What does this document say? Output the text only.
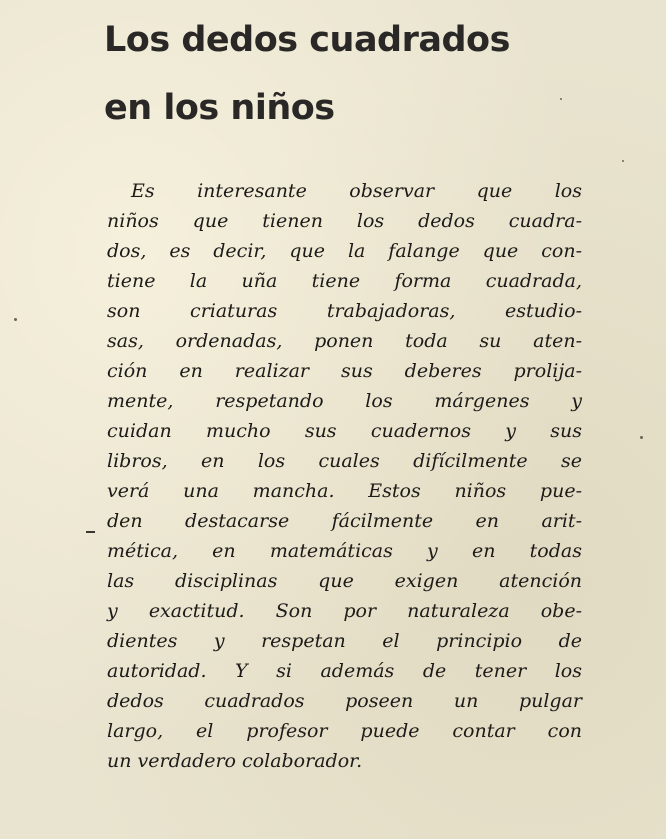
Los dedos cuadrados
en los niños
Es interesante observar que los
niños que tienen los dedos cuadra-
dos, es decir, que la falange que con-
tiene la uña tiene forma cuadrada,
son criaturas trabajadoras, estudio-
sas, ordenadas, ponen toda su aten-
ción en realizar sus deberes prolija-
mente, respetando los márgenes y
cuidan mucho sus cuadernos y sus
libros, en los cuales difícilmente se
verá una mancha. Estos niños pue-
den destacarse fácilmente en arit-
mética, en matemáticas y en todas
las disciplinas que exigen atención
y exactitud. Son por naturaleza obe-
dientes y respetan el principio de
autoridad. Y si además de tener los
dedos cuadrados poseen un pulgar
largo, el profesor puede contar con
un verdadero colaborador.
